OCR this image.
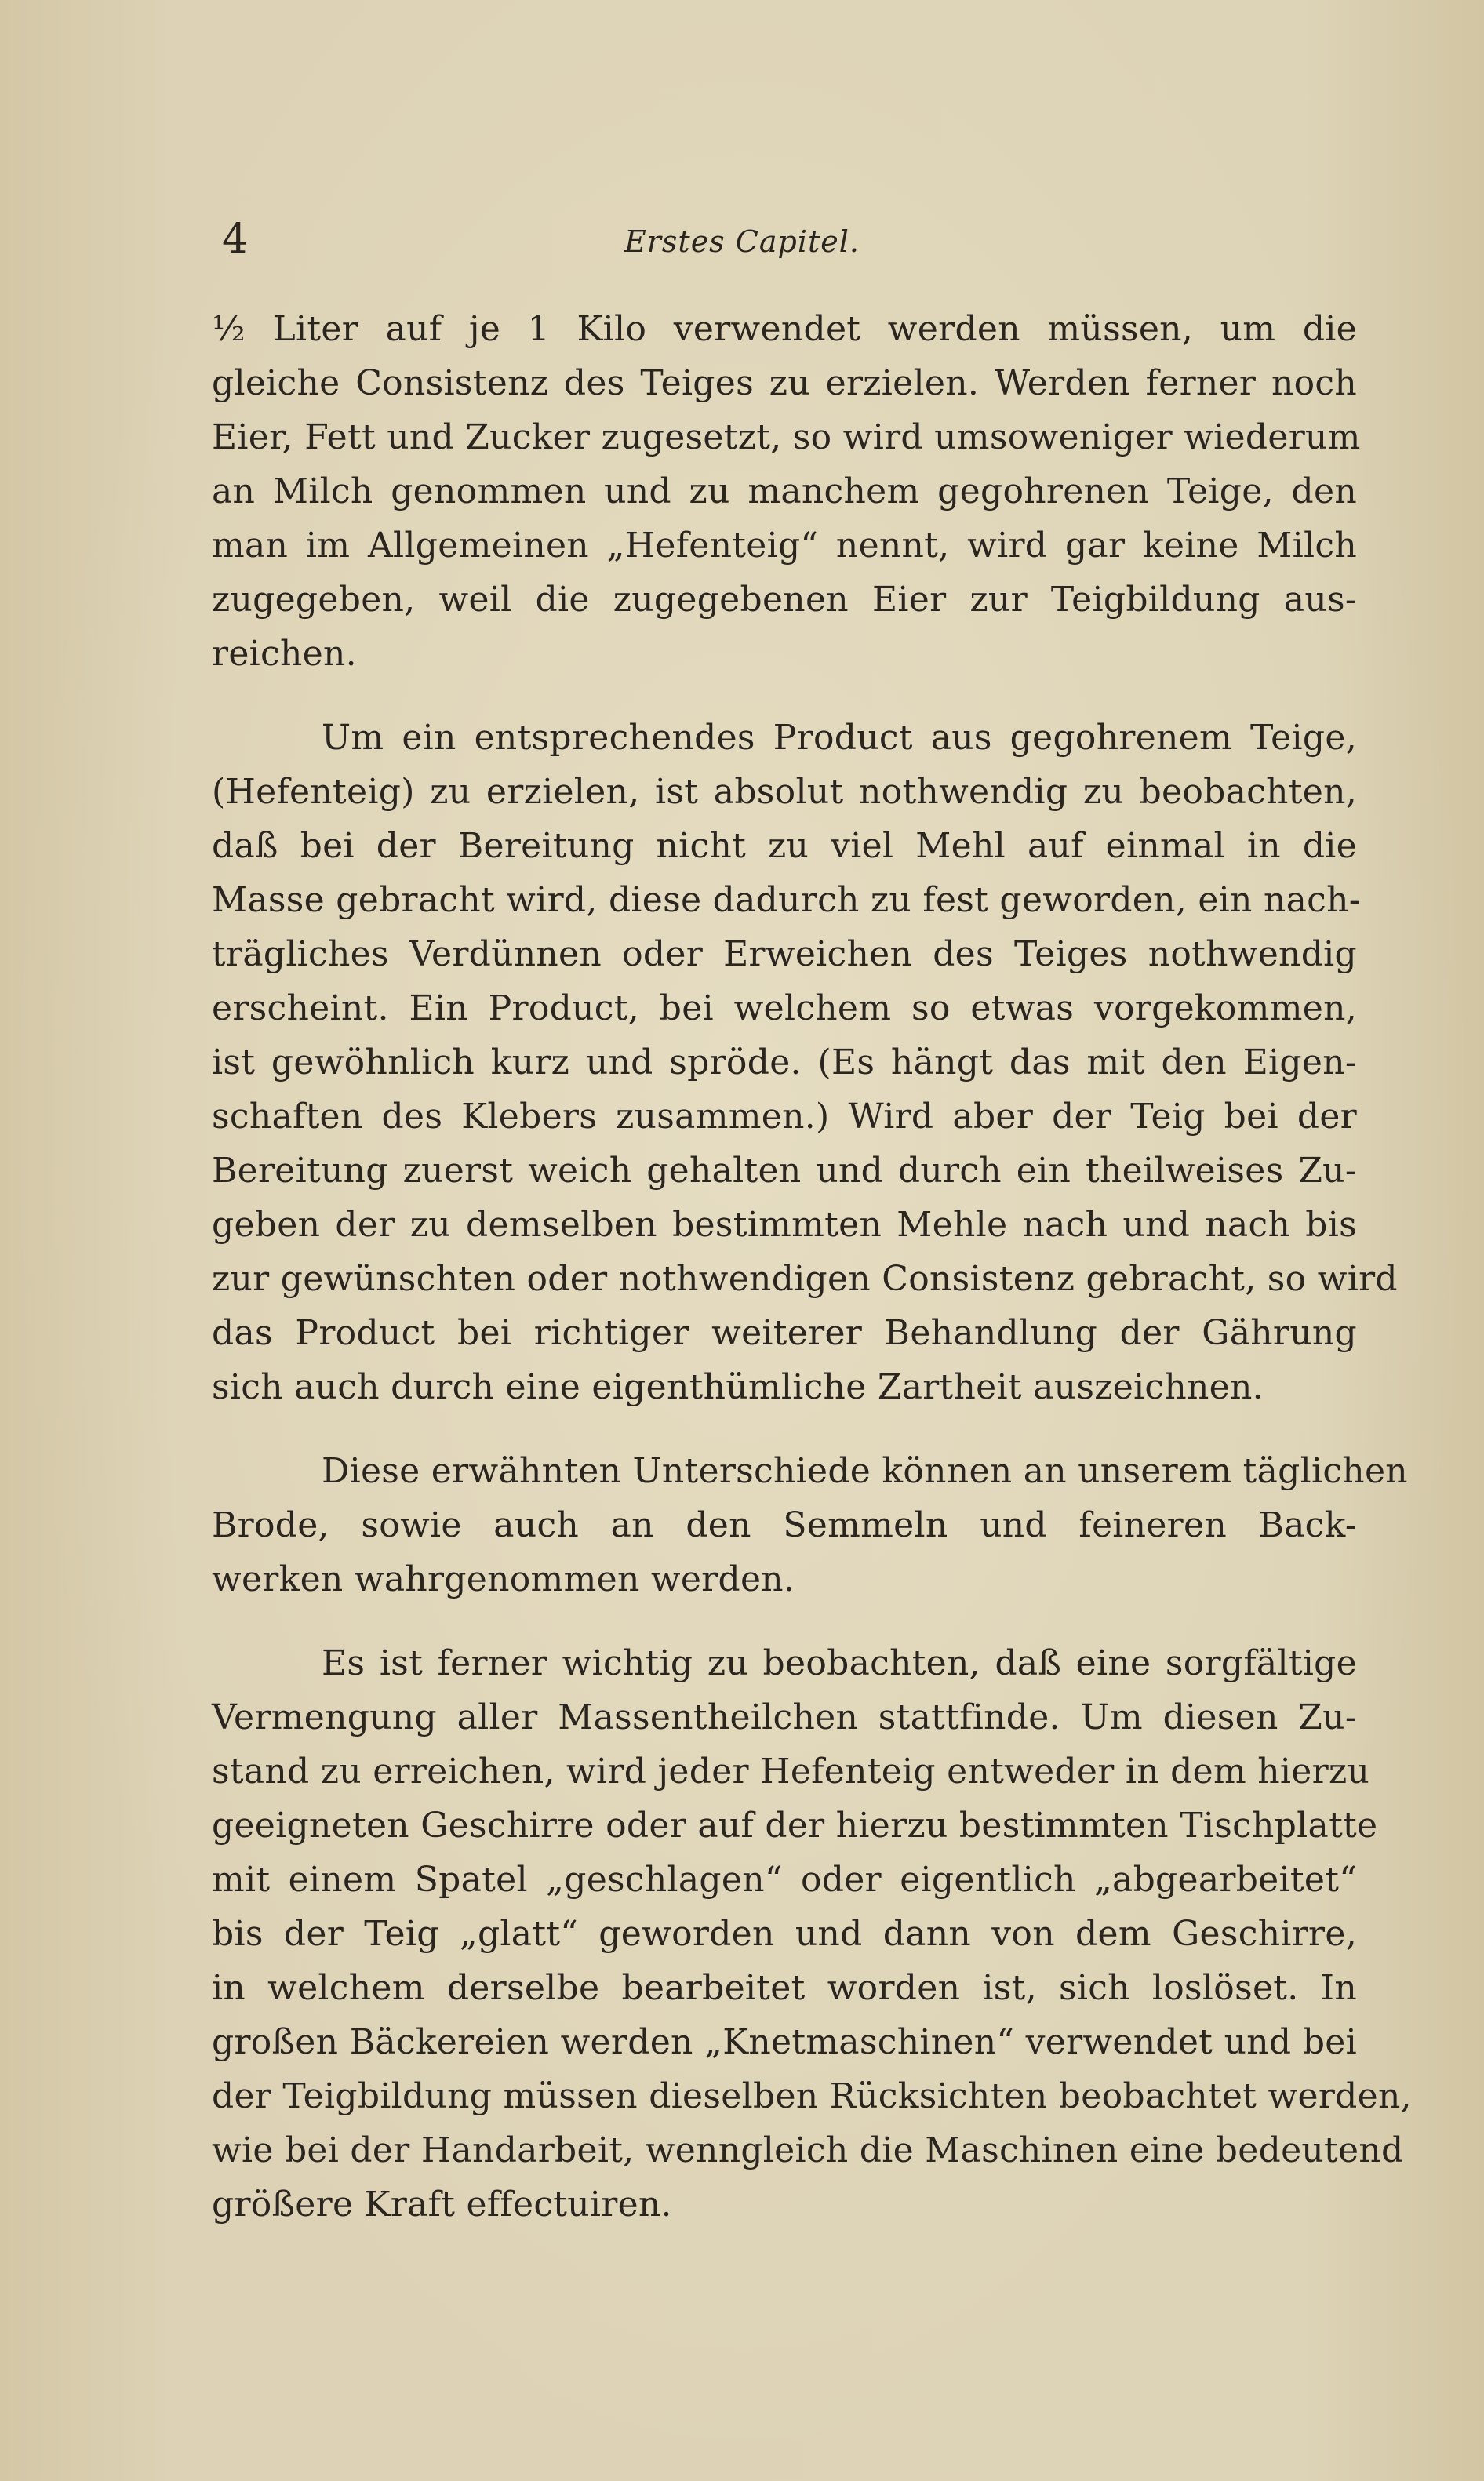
4	Erstes Capitel.
½ Liter auf je 1 Kilo verwendet werden müssen, um die
gleiche Consistenz des Teiges zu erzielen. Werden ferner noch
Eier, Fett und Zucker zugesetzt, so wird umsoweniger wiederum
an Milch genommen und zu manchem gegohrenen Teige, den
man im Allgemeinen „Hefenteig“ nennt, wird gar keine Milch
zugegeben, weil die zugegebenen Eier zur Teigbildung aus-
reichen.
Um ein entsprechendes Product aus gegohrenem Teige,
(Hefenteig) zu erzielen, ist absolut nothwendig zu beobachten,
daß bei der Bereitung nicht zu viel Mehl auf einmal in die
Masse gebracht wird, diese dadurch zu fest geworden, ein nach-
trägliches Verdünnen oder Erweichen des Teiges nothwendig
erscheint. Ein Product, bei welchem so etwas vorgekommen,
ist gewöhnlich kurz und spröde. (Es hängt das mit den Eigen-
schaften des Klebers zusammen.) Wird aber der Teig bei der
Bereitung zuerst weich gehalten und durch ein theilweises Zu-
geben der zu demselben bestimmten Mehle nach und nach bis
zur gewünschten oder nothwendigen Consistenz gebracht, so wird
das Product bei richtiger weiterer Behandlung der Gährung
sich auch durch eine eigenthümliche Zartheit auszeichnen.
Diese erwähnten Unterschiede können an unserem täglichen
Brode, sowie auch an den Semmeln und feineren Back-
werken wahrgenommen werden.
Es ist ferner wichtig zu beobachten, daß eine sorgfältige
Vermengung aller Massentheilchen stattfinde. Um diesen Zu-
stand zu erreichen, wird jeder Hefenteig entweder in dem hierzu
geeigneten Geschirre oder auf der hierzu bestimmten Tischplatte
mit einem Spatel „geschlagen“ oder eigentlich „abgearbeitet“
bis der Teig „glatt“ geworden und dann von dem Geschirre,
in welchem derselbe bearbeitet worden ist, sich loslöset. In
großen Bäckereien werden „Knetmaschinen“ verwendet und bei
der Teigbildung müssen dieselben Rücksichten beobachtet werden,
wie bei der Handarbeit, wenngleich die Maschinen eine bedeutend
größere Kraft effectuiren.
